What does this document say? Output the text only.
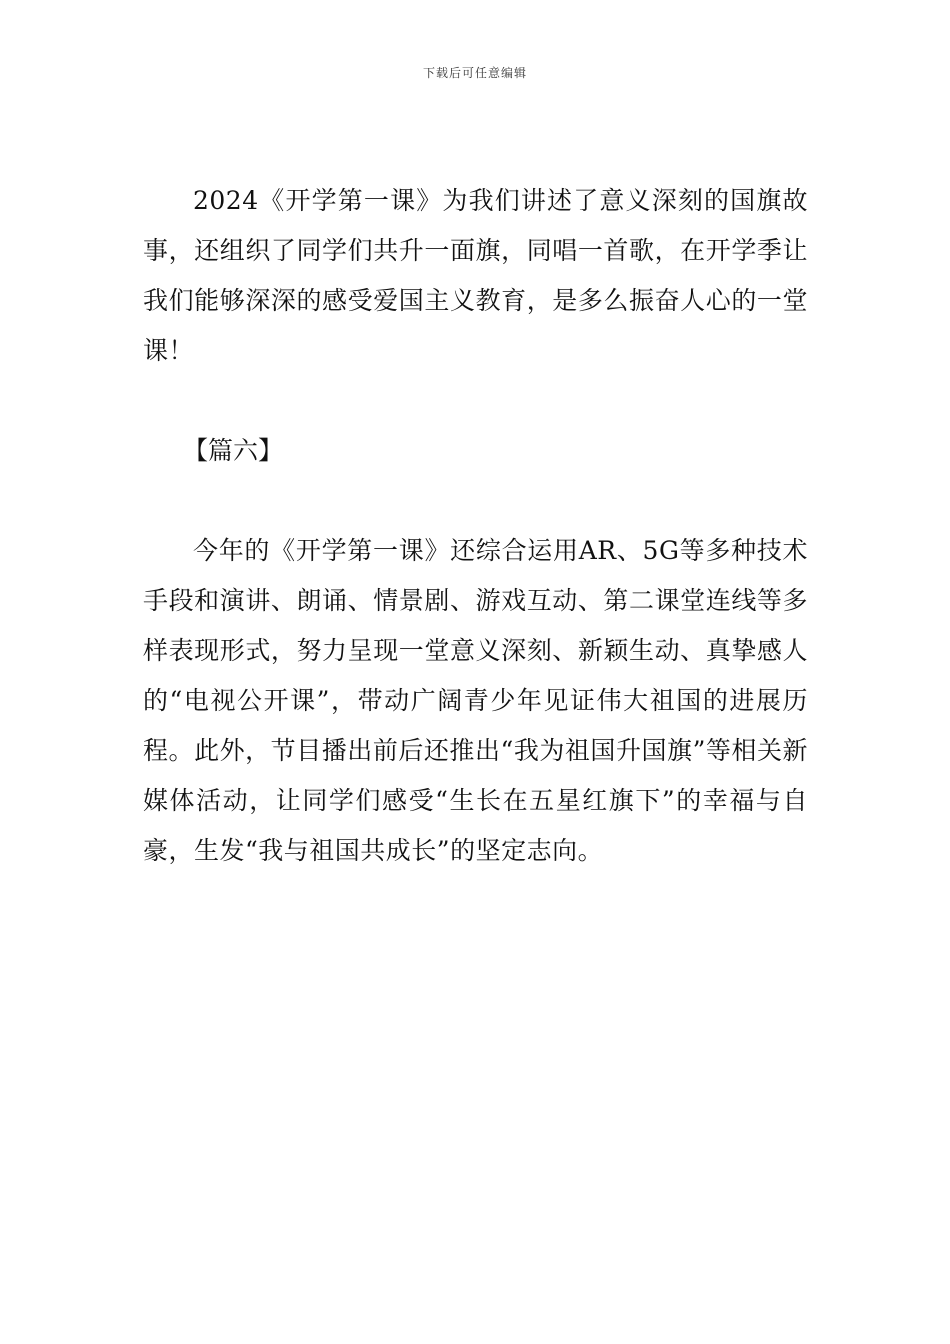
下载后可任意编辑

2024《开学第一课》为我们讲述了意义深刻的国旗故事，还组织了同学们共升一面旗，同唱一首歌，在开学季让我们能够深深的感受爱国主义教育，是多么振奋人心的一堂课！

【篇六】

今年的《开学第一课》还综合运用AR、5G等多种技术手段和演讲、朗诵、情景剧、游戏互动、第二课堂连线等多样表现形式，努力呈现一堂意义深刻、新颖生动、真挚感人的“电视公开课”，带动广阔青少年见证伟大祖国的进展历程。此外，节目播出前后还推出“我为祖国升国旗”等相关新媒体活动，让同学们感受“生长在五星红旗下”的幸福与自豪，生发“我与祖国共成长”的坚定志向。
